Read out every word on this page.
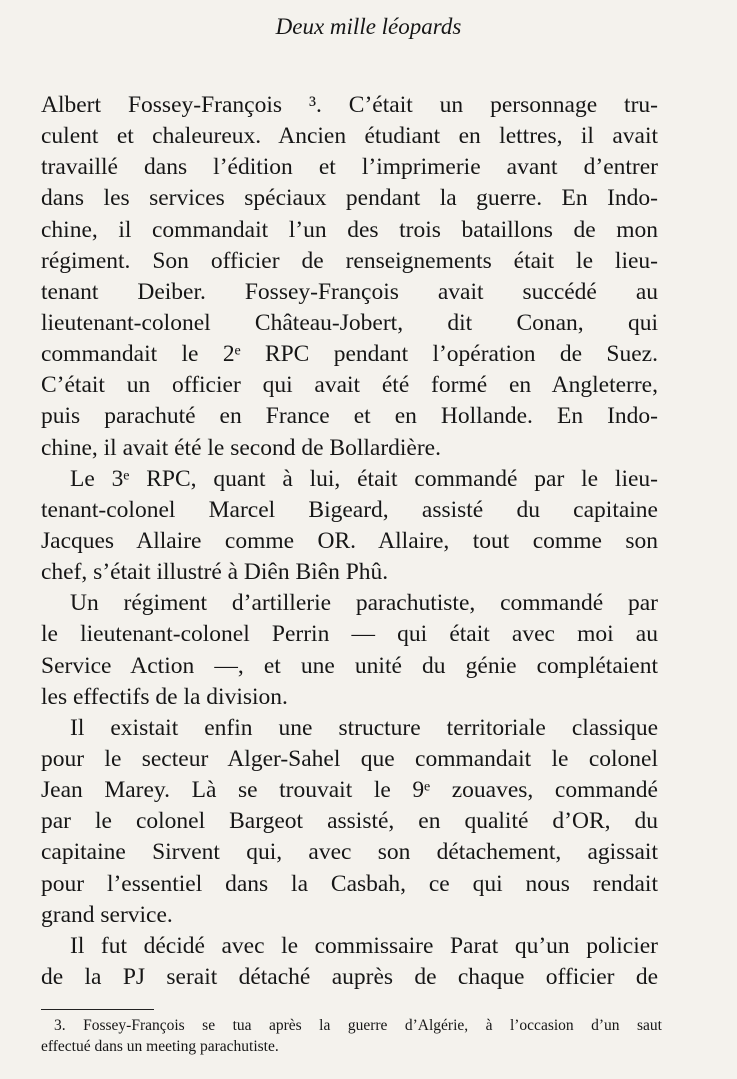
Deux mille léopards
Albert Fossey-François ³. C’était un personnage tru-
culent et chaleureux. Ancien étudiant en lettres, il avait
travaillé dans l’édition et l’imprimerie avant d’entrer
dans les services spéciaux pendant la guerre. En Indo-
chine, il commandait l’un des trois bataillons de mon
régiment. Son officier de renseignements était le lieu-
tenant Deiber. Fossey-François avait succédé au
lieutenant-colonel Château-Jobert, dit Conan, qui
commandait le 2ᵉ RPC pendant l’opération de Suez.
C’était un officier qui avait été formé en Angleterre,
puis parachuté en France et en Hollande. En Indo-
chine, il avait été le second de Bollardière.
Le 3ᵉ RPC, quant à lui, était commandé par le lieu-
tenant-colonel Marcel Bigeard, assisté du capitaine
Jacques Allaire comme OR. Allaire, tout comme son
chef, s’était illustré à Diên Biên Phû.
Un régiment d’artillerie parachutiste, commandé par
le lieutenant-colonel Perrin — qui était avec moi au
Service Action —, et une unité du génie complétaient
les effectifs de la division.
Il existait enfin une structure territoriale classique
pour le secteur Alger-Sahel que commandait le colonel
Jean Marey. Là se trouvait le 9ᵉ zouaves, commandé
par le colonel Bargeot assisté, en qualité d’OR, du
capitaine Sirvent qui, avec son détachement, agissait
pour l’essentiel dans la Casbah, ce qui nous rendait
grand service.
Il fut décidé avec le commissaire Parat qu’un policier
de la PJ serait détaché auprès de chaque officier de
3. Fossey-François se tua après la guerre d’Algérie, à l’occasion d’un saut
effectué dans un meeting parachutiste.
